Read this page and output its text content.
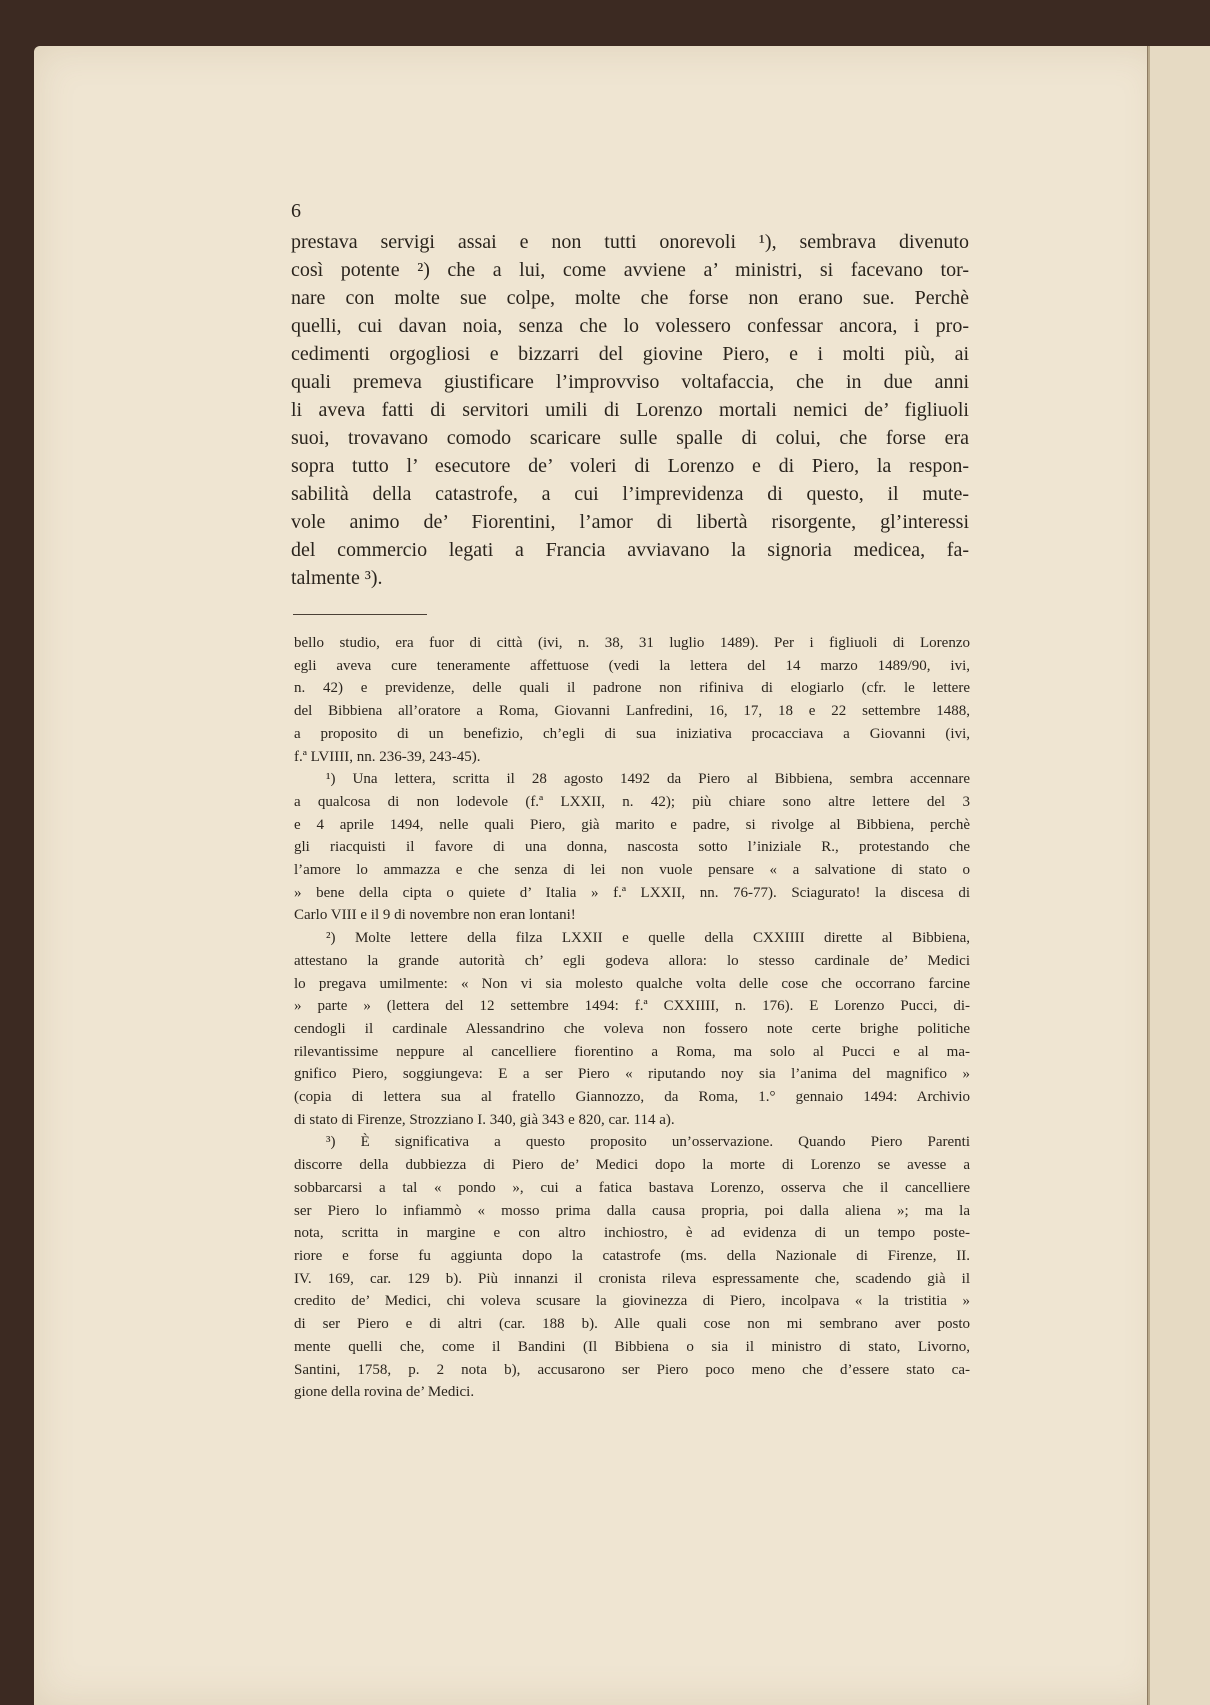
6
prestava servigi assai e non tutti onorevoli ¹), sembrava divenuto
così potente ²) che a lui, come avviene a’ ministri, si facevano tor-
nare con molte sue colpe, molte che forse non erano sue. Perchè
quelli, cui davan noia, senza che lo volessero confessar ancora, i pro-
cedimenti orgogliosi e bizzarri del giovine Piero, e i molti più, ai
quali premeva giustificare l’improvviso voltafaccia, che in due anni
li aveva fatti di servitori umili di Lorenzo mortali nemici de’ figliuoli
suoi, trovavano comodo scaricare sulle spalle di colui, che forse era
sopra tutto l’ esecutore de’ voleri di Lorenzo e di Piero, la respon-
sabilità della catastrofe, a cui l’imprevidenza di questo, il mute-
vole animo de’ Fiorentini, l’amor di libertà risorgente, gl’interessi
del commercio legati a Francia avviavano la signoria medicea, fa-
talmente ³).
bello studio, era fuor di città (ivi, n. 38, 31 luglio 1489). Per i figliuoli di Lorenzo
egli aveva cure teneramente affettuose (vedi la lettera del 14 marzo 1489/90, ivi,
n. 42) e previdenze, delle quali il padrone non rifiniva di elogiarlo (cfr. le lettere
del Bibbiena all’oratore a Roma, Giovanni Lanfredini, 16, 17, 18 e 22 settembre 1488,
a proposito di un benefizio, ch’egli di sua iniziativa procacciava a Giovanni (ivi,
f.ª LVIIII, nn. 236-39, 243-45).
¹) Una lettera, scritta il 28 agosto 1492 da Piero al Bibbiena, sembra accennare
a qualcosa di non lodevole (f.ª LXXII, n. 42); più chiare sono altre lettere del 3
e 4 aprile 1494, nelle quali Piero, già marito e padre, si rivolge al Bibbiena, perchè
gli riacquisti il favore di una donna, nascosta sotto l’iniziale R., protestando che
l’amore lo ammazza e che senza di lei non vuole pensare « a salvatione di stato o
» bene della cipta o quiete d’ Italia » f.ª LXXII, nn. 76-77). Sciagurato! la discesa di
Carlo VIII e il 9 di novembre non eran lontani!
²) Molte lettere della filza LXXII e quelle della CXXIIII dirette al Bibbiena,
attestano la grande autorità ch’ egli godeva allora: lo stesso cardinale de’ Medici
lo pregava umilmente: « Non vi sia molesto qualche volta delle cose che occorrano farcine
» parte » (lettera del 12 settembre 1494: f.ª CXXIIII, n. 176). E Lorenzo Pucci, di-
cendogli il cardinale Alessandrino che voleva non fossero note certe brighe politiche
rilevantissime neppure al cancelliere fiorentino a Roma, ma solo al Pucci e al ma-
gnifico Piero, soggiungeva: E a ser Piero « riputando noy sia l’anima del magnifico »
(copia di lettera sua al fratello Giannozzo, da Roma, 1.° gennaio 1494: Archivio
di stato di Firenze, Strozziano I. 340, già 343 e 820, car. 114 a).
³) È significativa a questo proposito un’osservazione. Quando Piero Parenti
discorre della dubbiezza di Piero de’ Medici dopo la morte di Lorenzo se avesse a
sobbarcarsi a tal « pondo », cui a fatica bastava Lorenzo, osserva che il cancelliere
ser Piero lo infiammò « mosso prima dalla causa propria, poi dalla aliena »; ma la
nota, scritta in margine e con altro inchiostro, è ad evidenza di un tempo poste-
riore e forse fu aggiunta dopo la catastrofe (ms. della Nazionale di Firenze, II.
IV. 169, car. 129 b). Più innanzi il cronista rileva espressamente che, scadendo già il
credito de’ Medici, chi voleva scusare la giovinezza di Piero, incolpava « la tristitia »
di ser Piero e di altri (car. 188 b). Alle quali cose non mi sembrano aver posto
mente quelli che, come il Bandini (Il Bibbiena o sia il ministro di stato, Livorno,
Santini, 1758, p. 2 nota b), accusarono ser Piero poco meno che d’essere stato ca-
gione della rovina de’ Medici.
